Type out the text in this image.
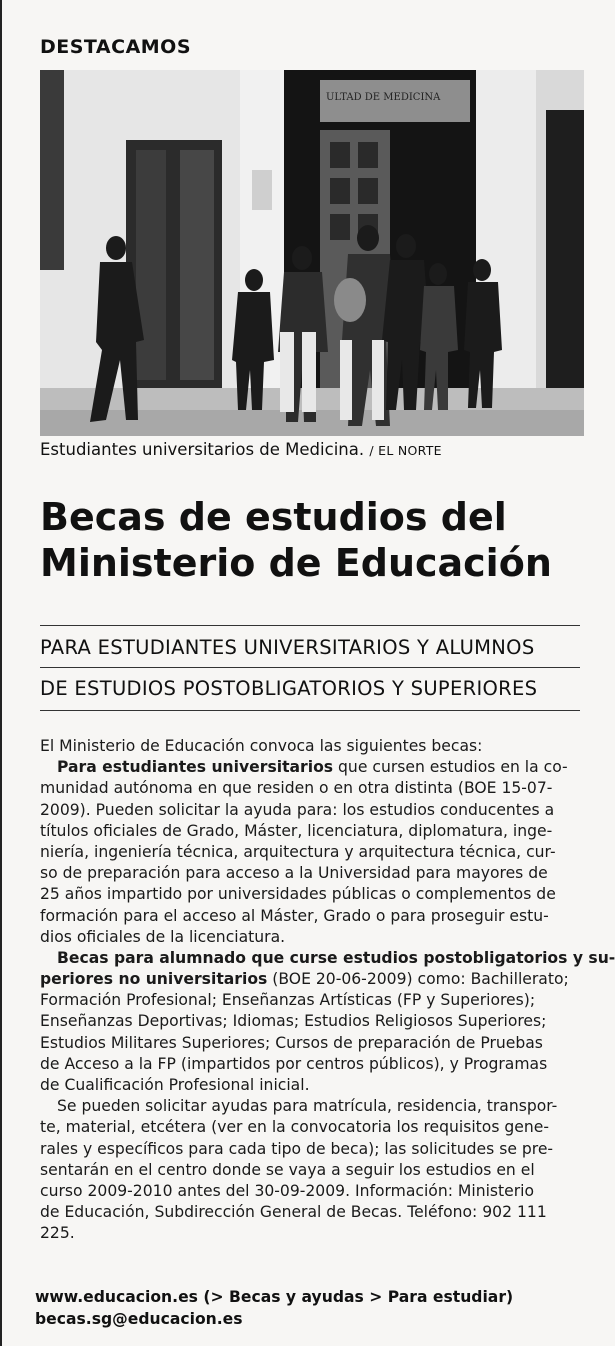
DESTACAMOS
ULTAD DE MEDICINA
Estudiantes universitarios de Medicina. / EL NORTE
Becas de estudios del
Ministerio de Educación
PARA ESTUDIANTES UNIVERSITARIOS Y ALUMNOS
DE ESTUDIOS POSTOBLIGATORIOS Y SUPERIORES
El Ministerio de Educación convoca las siguientes becas:
Para estudiantes universitarios que cursen estudios en la co-
munidad autónoma en que residen o en otra distinta (BOE 15-07-
2009). Pueden solicitar la ayuda para: los estudios conducentes a
títulos oficiales de Grado, Máster, licenciatura, diplomatura, inge-
niería, ingeniería técnica, arquitectura y arquitectura técnica, cur-
so de preparación para acceso a la Universidad para mayores de
25 años impartido por universidades públicas o complementos de
formación para el acceso al Máster, Grado o para proseguir estu-
dios oficiales de la licenciatura.
Becas para alumnado que curse estudios postobligatorios y su-
periores no universitarios (BOE 20-06-2009) como: Bachillerato;
Formación Profesional; Enseñanzas Artísticas (FP y Superiores);
Enseñanzas Deportivas; Idiomas; Estudios Religiosos Superiores;
Estudios Militares Superiores; Cursos de preparación de Pruebas
de Acceso a la FP (impartidos por centros públicos), y Programas
de Cualificación Profesional inicial.
Se pueden solicitar ayudas para matrícula, residencia, transpor-
te, material, etcétera (ver en la convocatoria los requisitos gene-
rales y específicos para cada tipo de beca); las solicitudes se pre-
sentarán en el centro donde se vaya a seguir los estudios en el
curso 2009-2010 antes del 30-09-2009. Información: Ministerio
de Educación, Subdirección General de Becas. Teléfono: 902 111
225.
www.educacion.es (> Becas y ayudas > Para estudiar)
becas.sg@educacion.es
